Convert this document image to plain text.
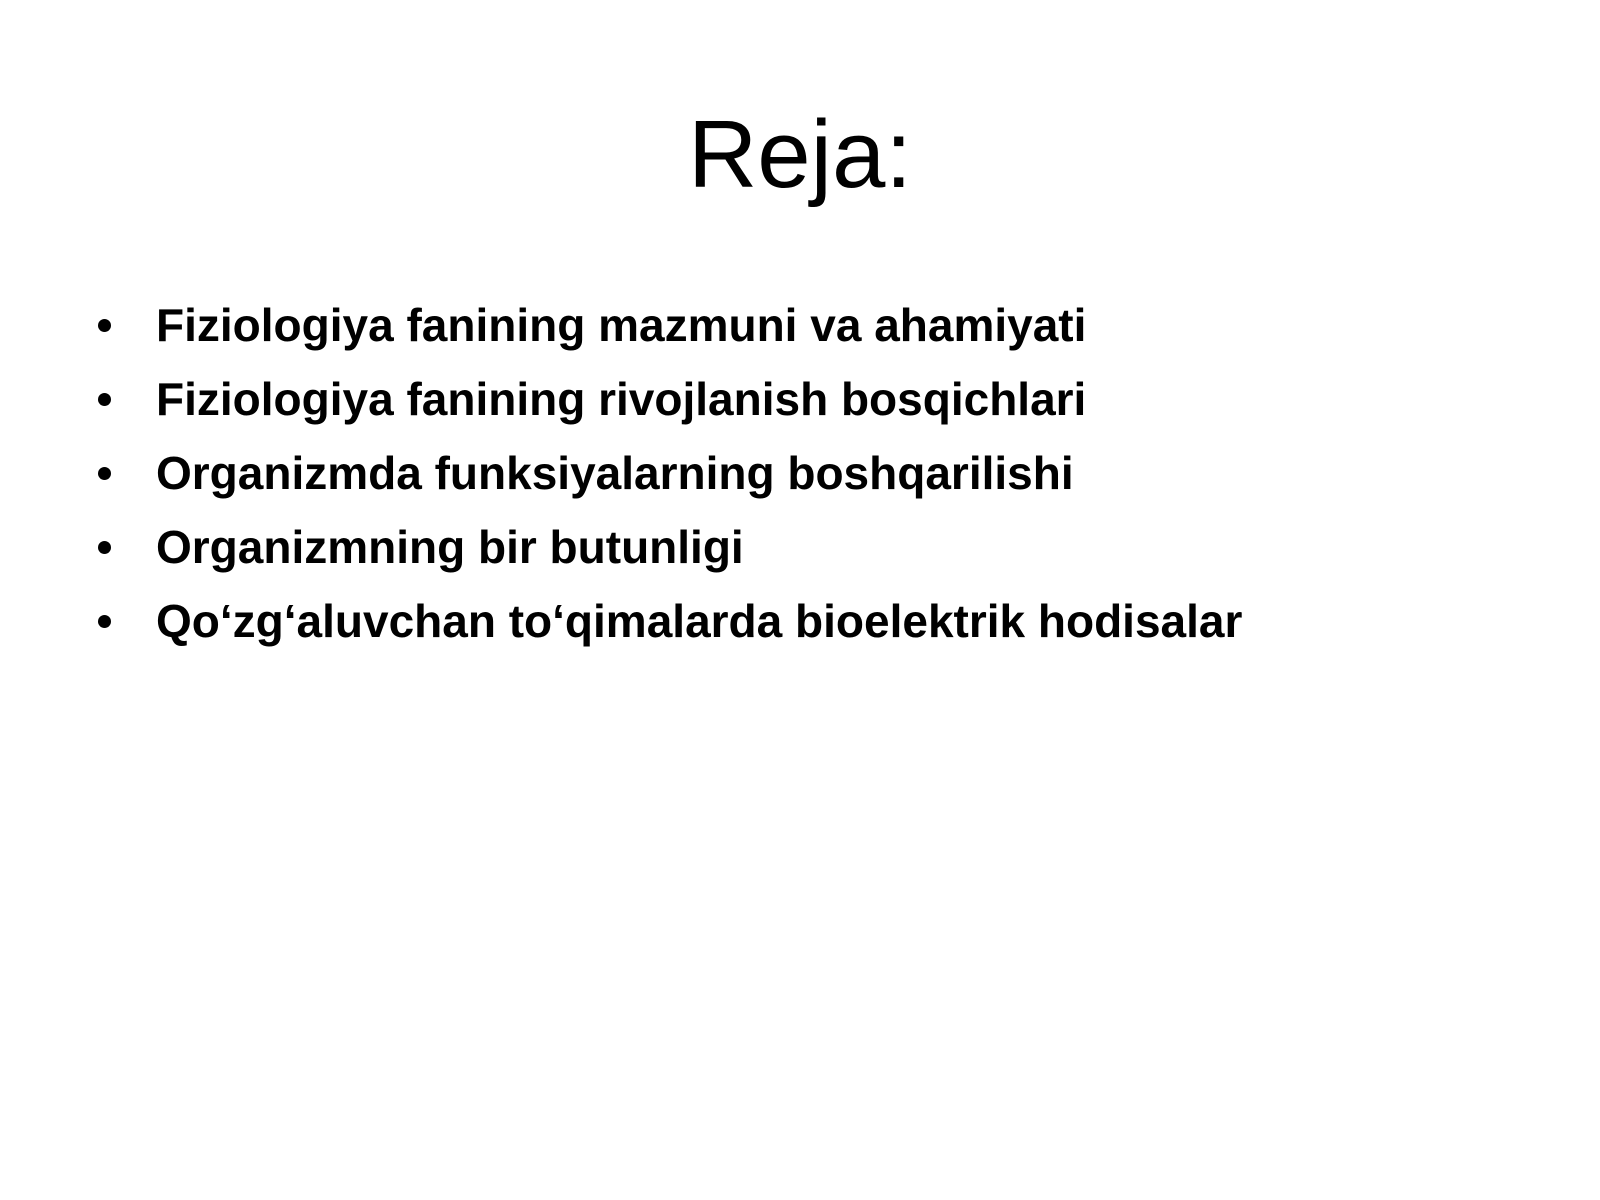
Reja:
Fiziologiya fanining mazmuni va ahamiyati
Fiziologiya fanining rivojlanish bosqichlari
Organizmda funksiyalarning boshqarilishi
Organizmning bir butunligi
Qo‘zg‘aluvchan to‘qimalarda bioelektrik hodisalar
